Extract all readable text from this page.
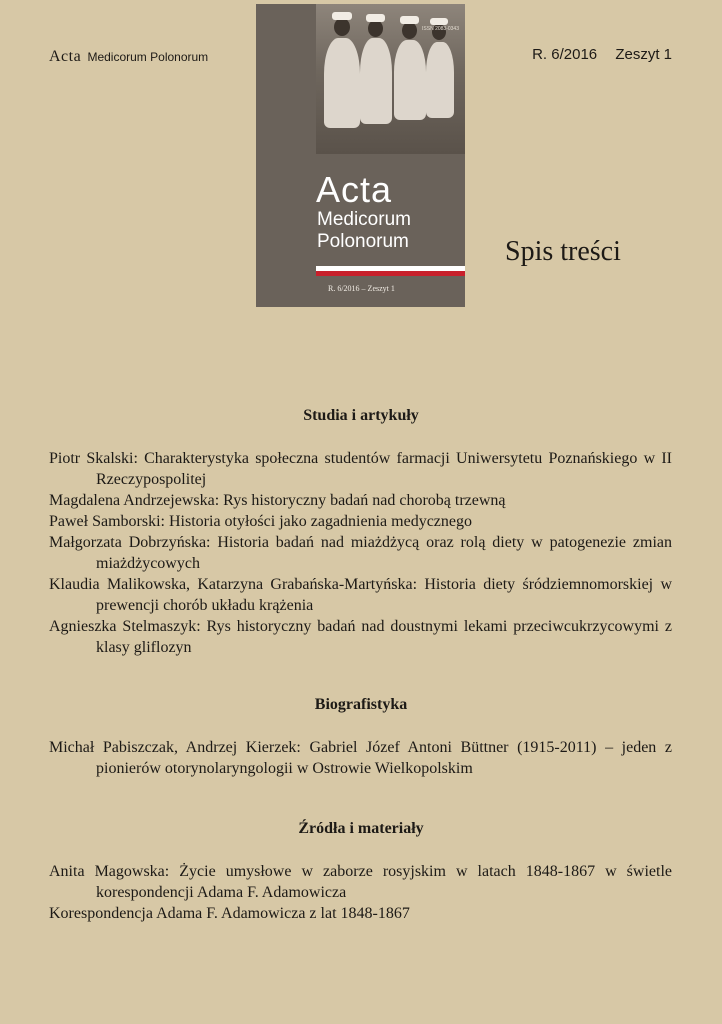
Acta Medicorum Polonorum	R. 6/2016 Zeszyt 1
ISSN 2083-0343
Acta
Medicorum
Polonorum
R. 6/2016 – Zeszyt 1
Spis treści
Studia i artykuły
Piotr Skalski: Charakterystyka społeczna studentów farmacji Uniwersytetu Poznańskiego w II Rzeczypospolitej
Magdalena Andrzejewska: Rys historyczny badań nad chorobą trzewną
Paweł Samborski: Historia otyłości jako zagadnienia medycznego
Małgorzata Dobrzyńska: Historia badań nad miażdżycą oraz rolą diety w patogenezie zmian miażdżycowych
Klaudia Malikowska, Katarzyna Grabańska-Martyńska: Historia diety śródziemnomorskiej w prewencji chorób układu krążenia
Agnieszka Stelmaszyk: Rys historyczny badań nad doustnymi lekami przeciwcukrzycowymi z klasy gliflozyn
Biografistyka
Michał Pabiszczak, Andrzej Kierzek: Gabriel Józef Antoni Büttner (1915-2011) – jeden z pionierów otorynolaryngologii w Ostrowie Wielkopolskim
Źródła i materiały
Anita Magowska: Życie umysłowe w zaborze rosyjskim w latach 1848-1867 w świetle korespondencji Adama F. Adamowicza
Korespondencja Adama F. Adamowicza z lat 1848-1867
